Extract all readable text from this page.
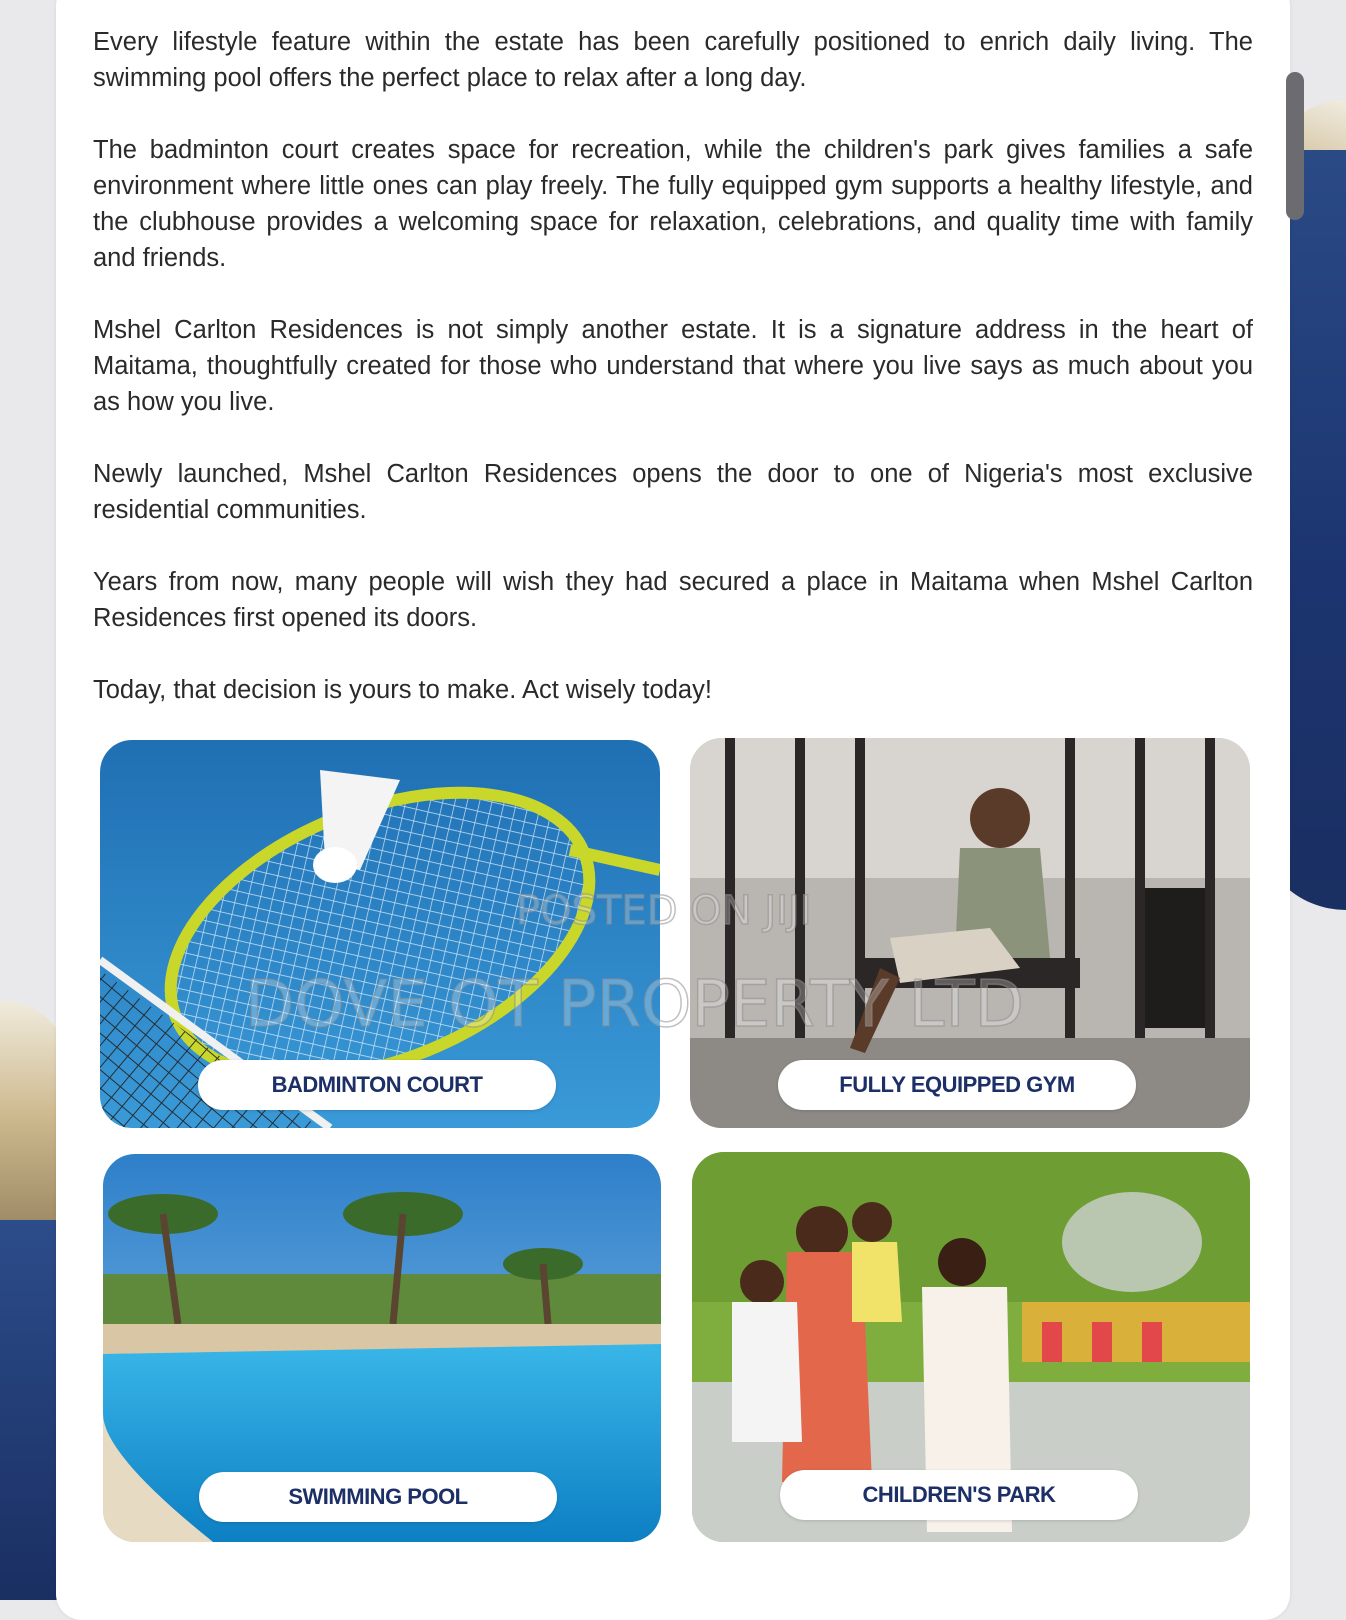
Every lifestyle feature within the estate has been carefully positioned to enrich daily living. The swimming pool offers the perfect place to relax after a long day.

The badminton court creates space for recreation, while the children's park gives families a safe environment where little ones can play freely. The fully equipped gym supports a healthy lifestyle, and the clubhouse provides a welcoming space for relaxation, celebrations, and quality time with family and friends.

Mshel Carlton Residences is not simply another estate. It is a signature address in the heart of Maitama, thoughtfully created for those who understand that where you live says as much about you as how you live.

Newly launched, Mshel Carlton Residences opens the door to one of Nigeria's most exclusive residential communities.

Years from now, many people will wish they had secured a place in Maitama when Mshel Carlton Residences first opened its doors.

Today, that decision is yours to make. Act wisely today!

BADMINTON COURT	FULLY EQUIPPED GYM
SWIMMING POOL	CHILDREN'S PARK
POSTED ON JIJI
DOVE OT PROPERTY LTD
